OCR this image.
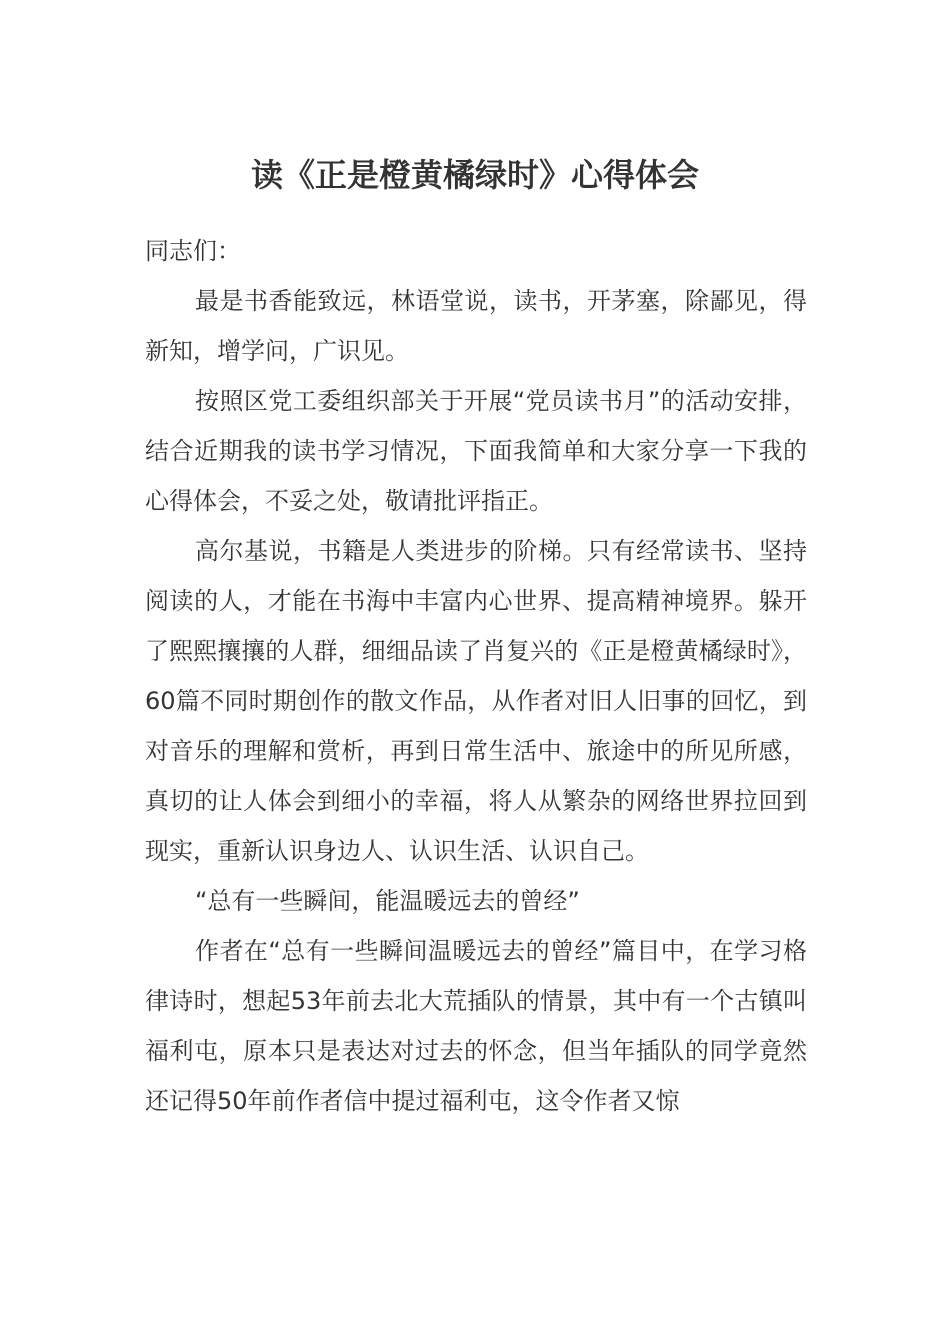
读《正是橙黄橘绿时》心得体会

同志们：

最是书香能致远，林语堂说，读书，开茅塞，除鄙见，得新知，增学问，广识见。

按照区党工委组织部关于开展“党员读书月”的活动安排，结合近期我的读书学习情况，下面我简单和大家分享一下我的心得体会，不妥之处，敬请批评指正。

高尔基说，书籍是人类进步的阶梯。只有经常读书、坚持阅读的人，才能在书海中丰富内心世界、提高精神境界。躲开了熙熙攘攘的人群，细细品读了肖复兴的《正是橙黄橘绿时》，60篇不同时期创作的散文作品，从作者对旧人旧事的回忆，到对音乐的理解和赏析，再到日常生活中、旅途中的所见所感，真切的让人体会到细小的幸福，将人从繁杂的网络世界拉回到现实，重新认识身边人、认识生活、认识自己。

“总有一些瞬间，能温暖远去的曾经”

作者在“总有一些瞬间温暖远去的曾经”篇目中，在学习格律诗时，想起53年前去北大荒插队的情景，其中有一个古镇叫福利屯，原本只是表达对过去的怀念，但当年插队的同学竟然还记得50年前作者信中提过福利屯，这令作者又惊
